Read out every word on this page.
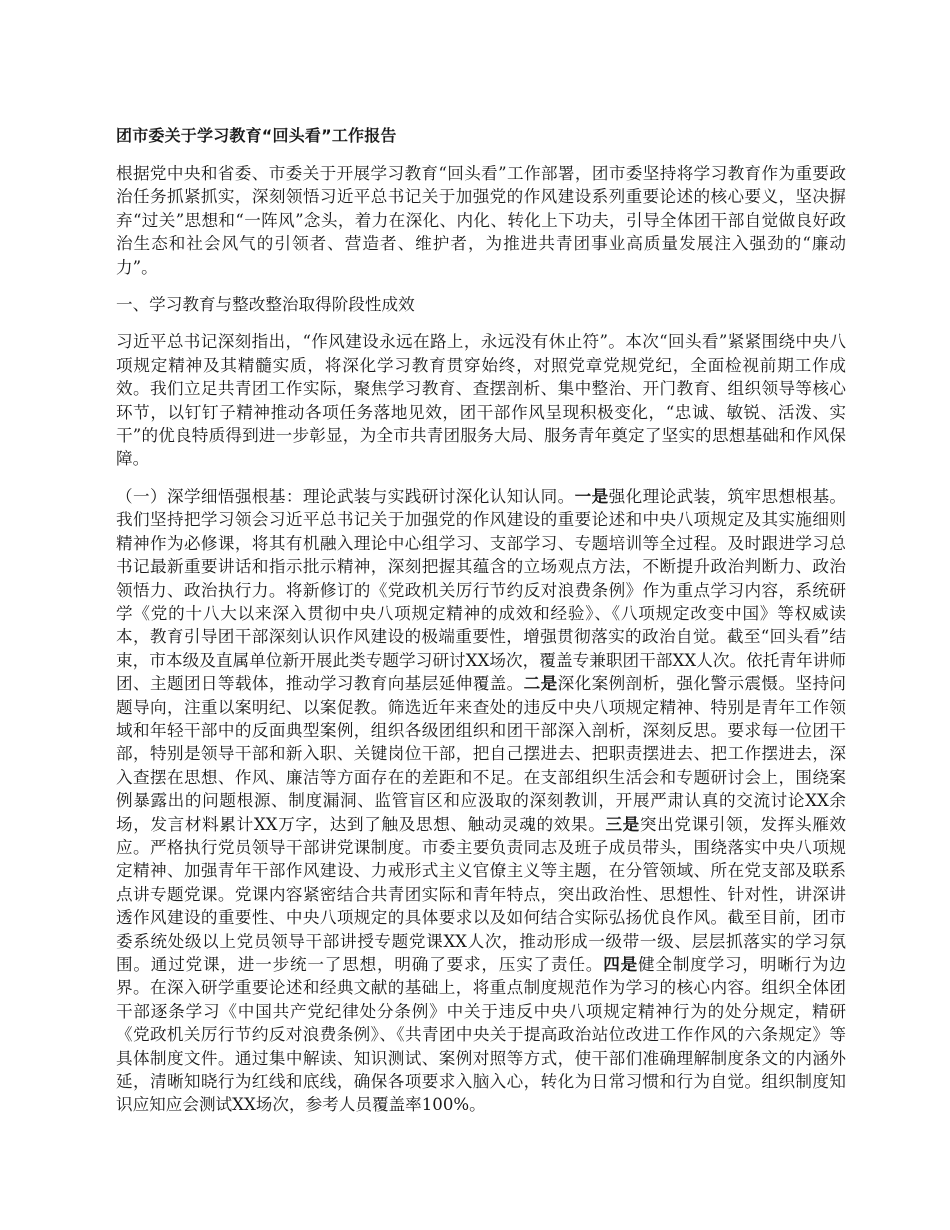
团市委关于学习教育“回头看”工作报告

根据党中央和省委、市委关于开展学习教育“回头看”工作部署，团市委坚持将学习教育作为重要政治任务抓紧抓实，深刻领悟习近平总书记关于加强党的作风建设系列重要论述的核心要义，坚决摒弃“过关”思想和“一阵风”念头，着力在深化、内化、转化上下功夫，引导全体团干部自觉做良好政治生态和社会风气的引领者、营造者、维护者，为推进共青团事业高质量发展注入强劲的“廉动力”。

一、学习教育与整改整治取得阶段性成效

习近平总书记深刻指出，“作风建设永远在路上，永远没有休止符”。本次“回头看”紧紧围绕中央八项规定精神及其精髓实质，将深化学习教育贯穿始终，对照党章党规党纪，全面检视前期工作成效。我们立足共青团工作实际，聚焦学习教育、查摆剖析、集中整治、开门教育、组织领导等核心环节，以钉钉子精神推动各项任务落地见效，团干部作风呈现积极变化，“忠诚、敏锐、活泼、实干”的优良特质得到进一步彰显，为全市共青团服务大局、服务青年奠定了坚实的思想基础和作风保障。

（一）深学细悟强根基：理论武装与实践研讨深化认知认同。一是强化理论武装，筑牢思想根基。我们坚持把学习领会习近平总书记关于加强党的作风建设的重要论述和中央八项规定及其实施细则精神作为必修课，将其有机融入理论中心组学习、支部学习、专题培训等全过程。及时跟进学习总书记最新重要讲话和指示批示精神，深刻把握其蕴含的立场观点方法，不断提升政治判断力、政治领悟力、政治执行力。将新修订的《党政机关厉行节约反对浪费条例》作为重点学习内容，系统研学《党的十八大以来深入贯彻中央八项规定精神的成效和经验》、《八项规定改变中国》等权威读本，教育引导团干部深刻认识作风建设的极端重要性，增强贯彻落实的政治自觉。截至“回头看”结束，市本级及直属单位新开展此类专题学习研讨XX场次，覆盖专兼职团干部XX人次。依托青年讲师团、主题团日等载体，推动学习教育向基层延伸覆盖。二是深化案例剖析，强化警示震慑。坚持问题导向，注重以案明纪、以案促教。筛选近年来查处的违反中央八项规定精神、特别是青年工作领域和年轻干部中的反面典型案例，组织各级团组织和团干部深入剖析，深刻反思。要求每一位团干部，特别是领导干部和新入职、关键岗位干部，把自己摆进去、把职责摆进去、把工作摆进去，深入查摆在思想、作风、廉洁等方面存在的差距和不足。在支部组织生活会和专题研讨会上，围绕案例暴露出的问题根源、制度漏洞、监管盲区和应汲取的深刻教训，开展严肃认真的交流讨论XX余场，发言材料累计XX万字，达到了触及思想、触动灵魂的效果。三是突出党课引领，发挥头雁效应。严格执行党员领导干部讲党课制度。市委主要负责同志及班子成员带头，围绕落实中央八项规定精神、加强青年干部作风建设、力戒形式主义官僚主义等主题，在分管领域、所在党支部及联系点讲专题党课。党课内容紧密结合共青团实际和青年特点，突出政治性、思想性、针对性，讲深讲透作风建设的重要性、中央八项规定的具体要求以及如何结合实际弘扬优良作风。截至目前，团市委系统处级以上党员领导干部讲授专题党课XX人次，推动形成一级带一级、层层抓落实的学习氛围。通过党课，进一步统一了思想，明确了要求，压实了责任。四是健全制度学习，明晰行为边界。在深入研学重要论述和经典文献的基础上，将重点制度规范作为学习的核心内容。组织全体团干部逐条学习《中国共产党纪律处分条例》中关于违反中央八项规定精神行为的处分规定，精研《党政机关厉行节约反对浪费条例》、《共青团中央关于提高政治站位改进工作作风的六条规定》等具体制度文件。通过集中解读、知识测试、案例对照等方式，使干部们准确理解制度条文的内涵外延，清晰知晓行为红线和底线，确保各项要求入脑入心，转化为日常习惯和行为自觉。组织制度知识应知应会测试XX场次，参考人员覆盖率100%。
